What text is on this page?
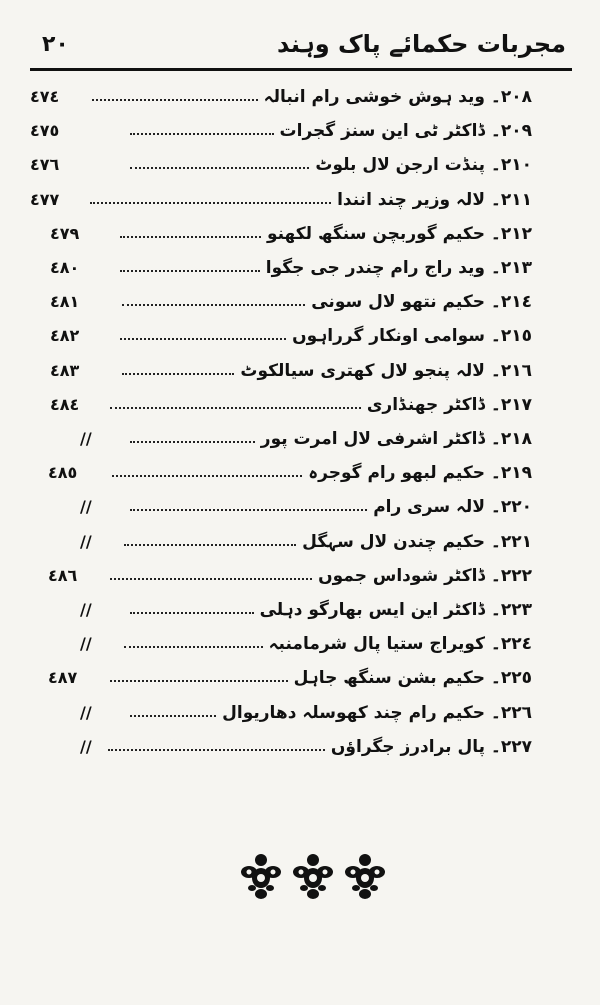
٢٠	مجربات حکمائے پاک وہند
٤٧٤	٢٠٨۔ وید ہوش خوشی رام انبالہ
٤٧٥	٢٠٩۔ ڈاکٹر ٹی این سنز گجرات
٤٧٦	٢١٠۔ پنڈت ارجن لال بلوٹ
٤٧٧	٢١١۔ لالہ وزیر چند انندا
٤٧٩	٢١٢۔ حکیم گوربچن سنگھ لکھنو
٤٨٠	٢١٣۔ وید راج رام چندر جی جگوا
٤٨١	٢١٤۔ حکیم نتھو لال سونی
٤٨٢	٢١٥۔ سوامی اونکار گرراہوں
٤٨٣	٢١٦۔ لالہ پنجو لال کھتری سیالکوٹ
٤٨٤	٢١٧۔ ڈاکٹر جھنڈاری
//	٢١٨۔ ڈاکٹر اشرفی لال امرت پور
٤٨٥	٢١٩۔ حکیم لبھو رام گوجرہ
//	٢٢٠۔ لالہ سری رام
//	٢٢١۔ حکیم چندن لال سہگل
٤٨٦	٢٢٢۔ ڈاکٹر شوداس جموں
//	٢٢٣۔ ڈاکٹر این ایس بھارگو دہلی
//	٢٢٤۔ کویراج ستیا پال شرمامنبہ
٤٨٧	٢٢٥۔ حکیم بشن سنگھ جاہل
//	٢٢٦۔ حکیم رام چند کھوسلہ دھاریوال
//	٢٢٧۔ پال برادرز جگراؤں
